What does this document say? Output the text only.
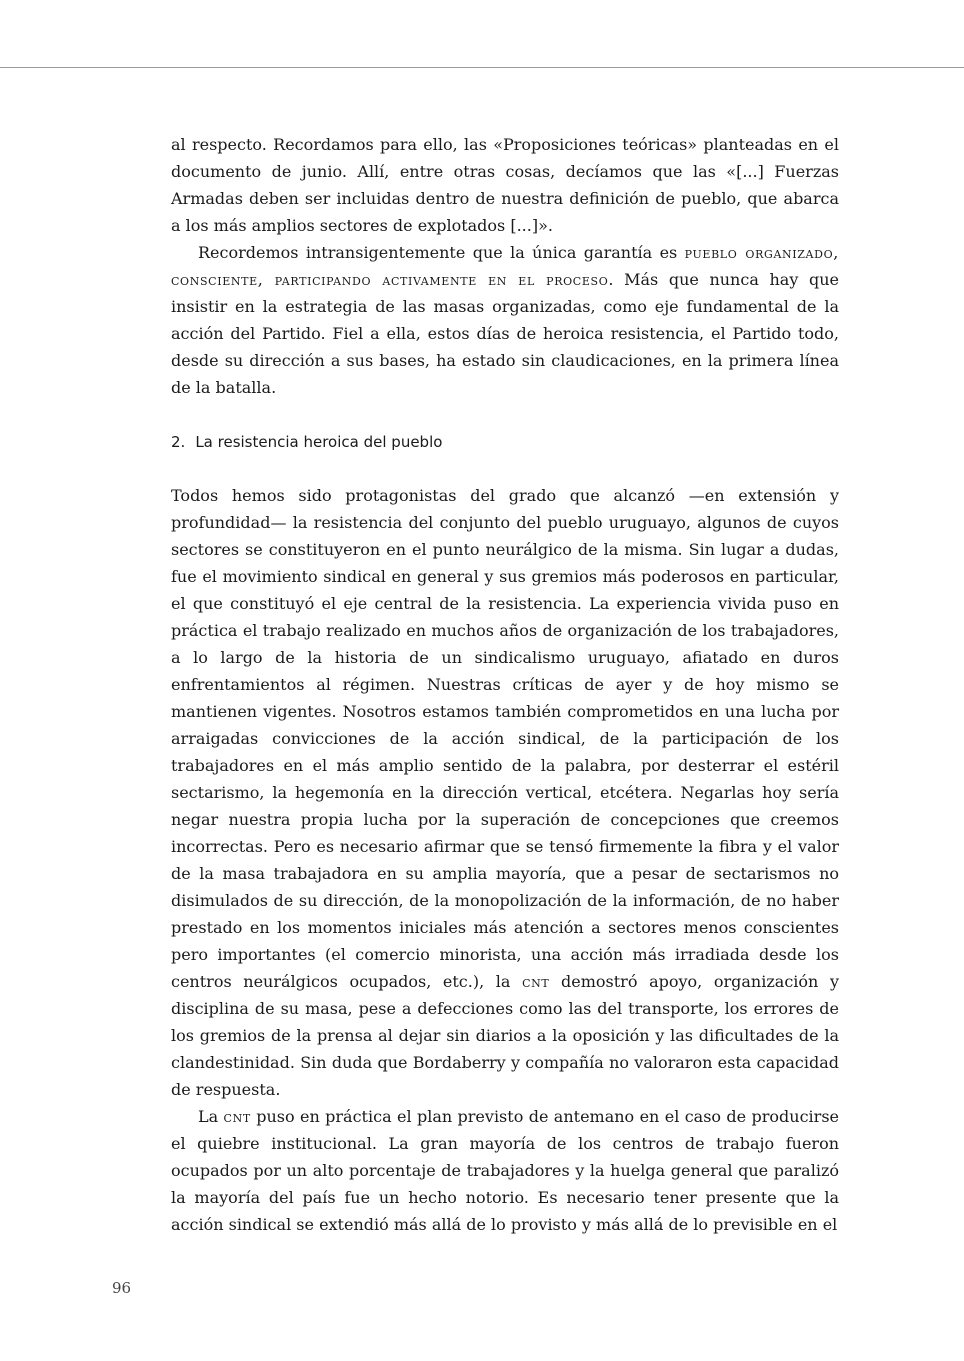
al respecto. Recordamos para ello, las «Proposiciones teóricas» planteadas en el documento de junio. Allí, entre otras cosas, decíamos que las «[...] Fuerzas Armadas deben ser incluidas dentro de nuestra definición de pueblo, que abarca a los más amplios sectores de explotados [...]».

Recordemos intransigentemente que la única garantía es pueblo organizado, consciente, participando activamente en el proceso. Más que nunca hay que insistir en la estrategia de las masas organizadas, como eje fundamental de la acción del Partido. Fiel a ella, estos días de heroica resistencia, el Partido todo, desde su dirección a sus bases, ha estado sin claudicaciones, en la primera línea de la batalla.

2. La resistencia heroica del pueblo

Todos hemos sido protagonistas del grado que alcanzó —en extensión y profundidad— la resistencia del conjunto del pueblo uruguayo, algunos de cuyos sectores se constituyeron en el punto neurálgico de la misma. Sin lugar a dudas, fue el movimiento sindical en general y sus gremios más poderosos en particular, el que constituyó el eje central de la resistencia. La experiencia vivida puso en práctica el trabajo realizado en muchos años de organización de los trabajadores, a lo largo de la historia de un sindicalismo uruguayo, afiatado en duros enfrentamientos al régimen. Nuestras críticas de ayer y de hoy mismo se mantienen vigentes. Nosotros estamos también comprometidos en una lucha por arraigadas convicciones de la acción sindical, de la participación de los trabajadores en el más amplio sentido de la palabra, por desterrar el estéril sectarismo, la hegemonía en la dirección vertical, etcétera. Negarlas hoy sería negar nuestra propia lucha por la superación de concepciones que creemos incorrectas. Pero es necesario afirmar que se tensó firmemente la fibra y el valor de la masa trabajadora en su amplia mayoría, que a pesar de sectarismos no disimulados de su dirección, de la monopolización de la información, de no haber prestado en los momentos iniciales más atención a sectores menos conscientes pero importantes (el comercio minorista, una acción más irradiada desde los centros neurálgicos ocupados, etc.), la cnt demostró apoyo, organización y disciplina de su masa, pese a defecciones como las del transporte, los errores de los gremios de la prensa al dejar sin diarios a la oposición y las dificultades de la clandestinidad. Sin duda que Bordaberry y compañía no valoraron esta capacidad de respuesta.

La cnt puso en práctica el plan previsto de antemano en el caso de producirse el quiebre institucional. La gran mayoría de los centros de trabajo fueron ocupados por un alto porcentaje de trabajadores y la huelga general que paralizó la mayoría del país fue un hecho notorio. Es necesario tener presente que la acción sindical se extendió más allá de lo provisto y más allá de lo previsible en el

96
